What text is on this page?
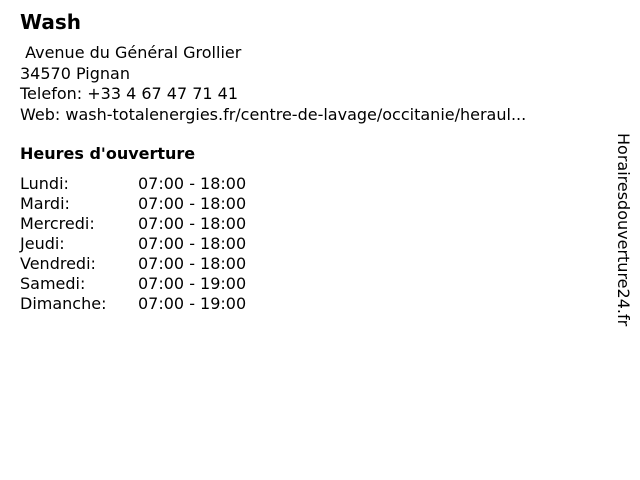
Wash
Avenue du Général Grollier
34570 Pignan
Telefon: +33 4 67 47 71 41
Web: wash-totalenergies.fr/centre-de-lavage/occitanie/heraul...
Heures d'ouverture
Lundi:	07:00 - 18:00
Mardi:	07:00 - 18:00
Mercredi:	07:00 - 18:00
Jeudi:	07:00 - 18:00
Vendredi:	07:00 - 18:00
Samedi:	07:00 - 19:00
Dimanche: 07:00 - 19:00	Horairesdouverture24.fr
